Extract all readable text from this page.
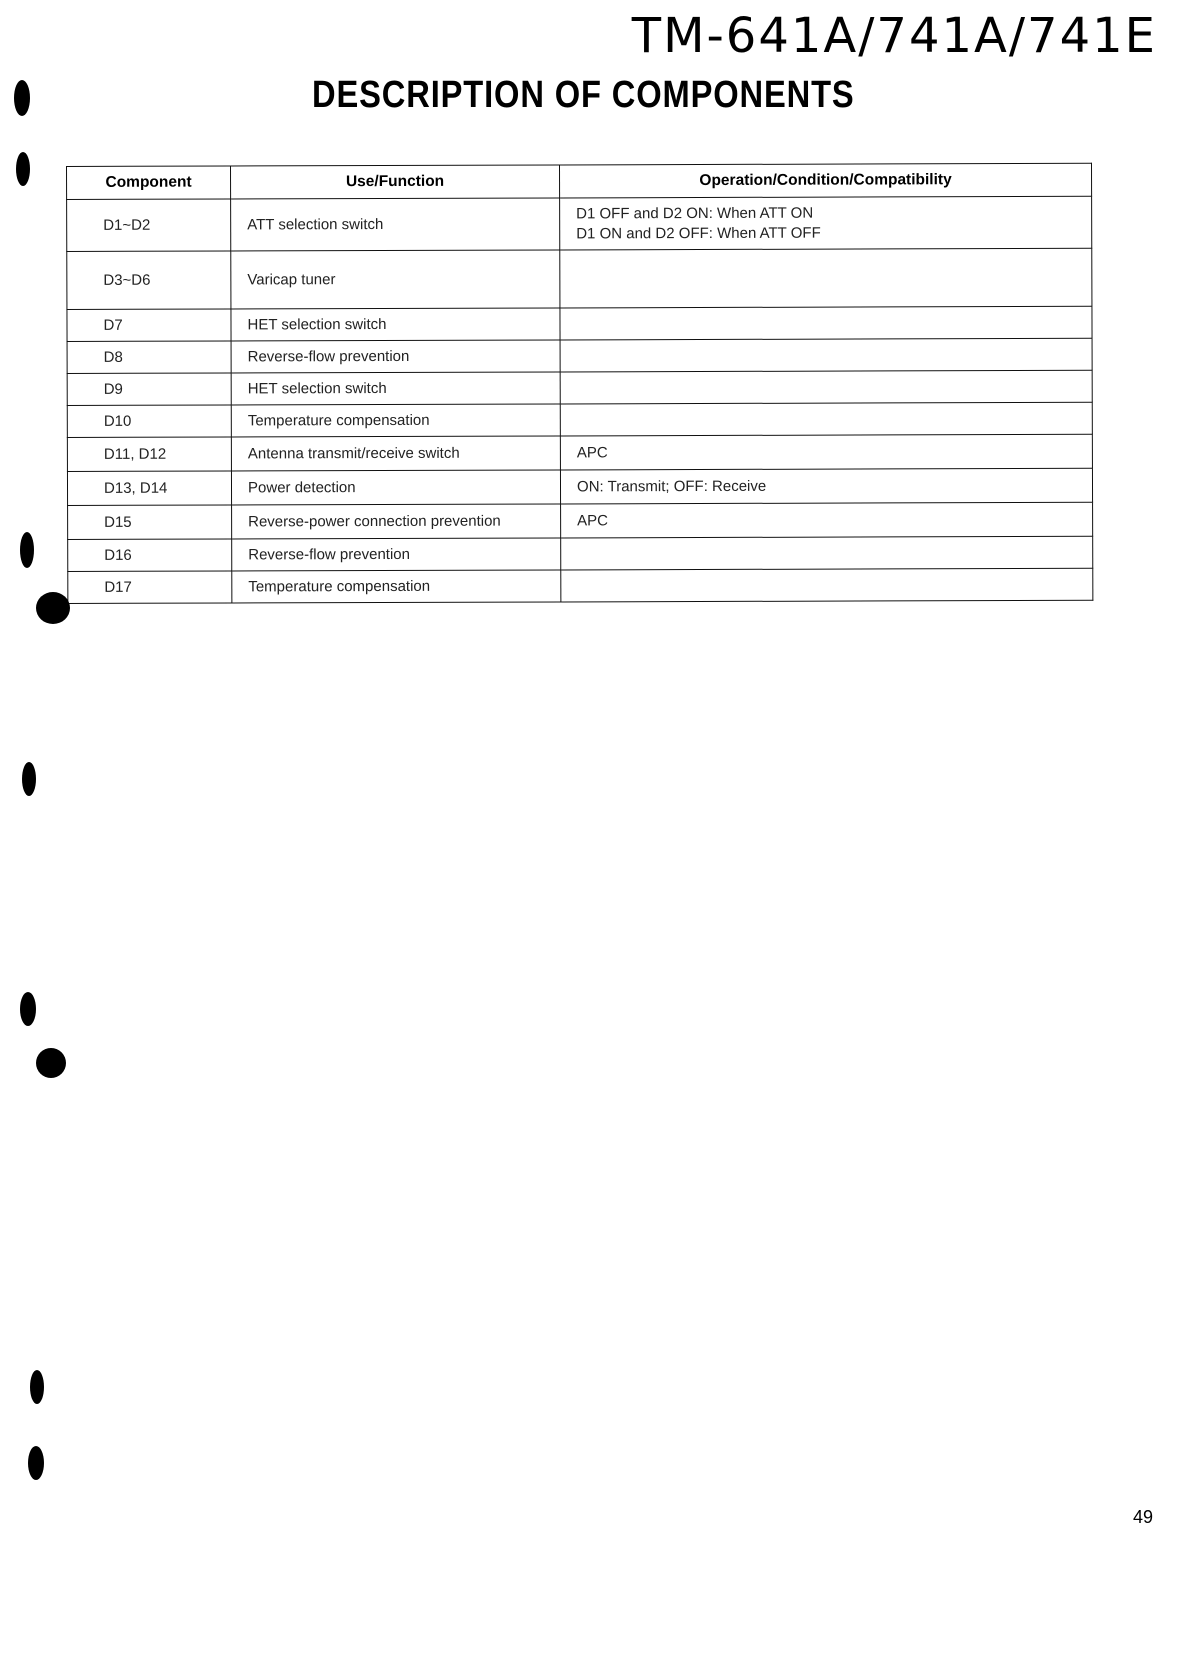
TM-641A/741A/741E
DESCRIPTION OF COMPONENTS
Component	Use/Function	Operation/Condition/Compatibility
D1~D2	ATT selection switch	D1 OFF and D2 ON: When ATT ON
D1 ON and D2 OFF: When ATT OFF

D3~D6	Varicap tuner	
D7	HET selection switch	
D8	Reverse-flow prevention	
D9	HET selection switch	
D10	Temperature compensation	
D11, D12	Antenna transmit/receive switch	APC

D13, D14	Power detection	ON: Transmit; OFF: Receive

D15	Reverse-power connection prevention	APC

D16	Reverse-flow prevention	
D17	Temperature compensation	
49
